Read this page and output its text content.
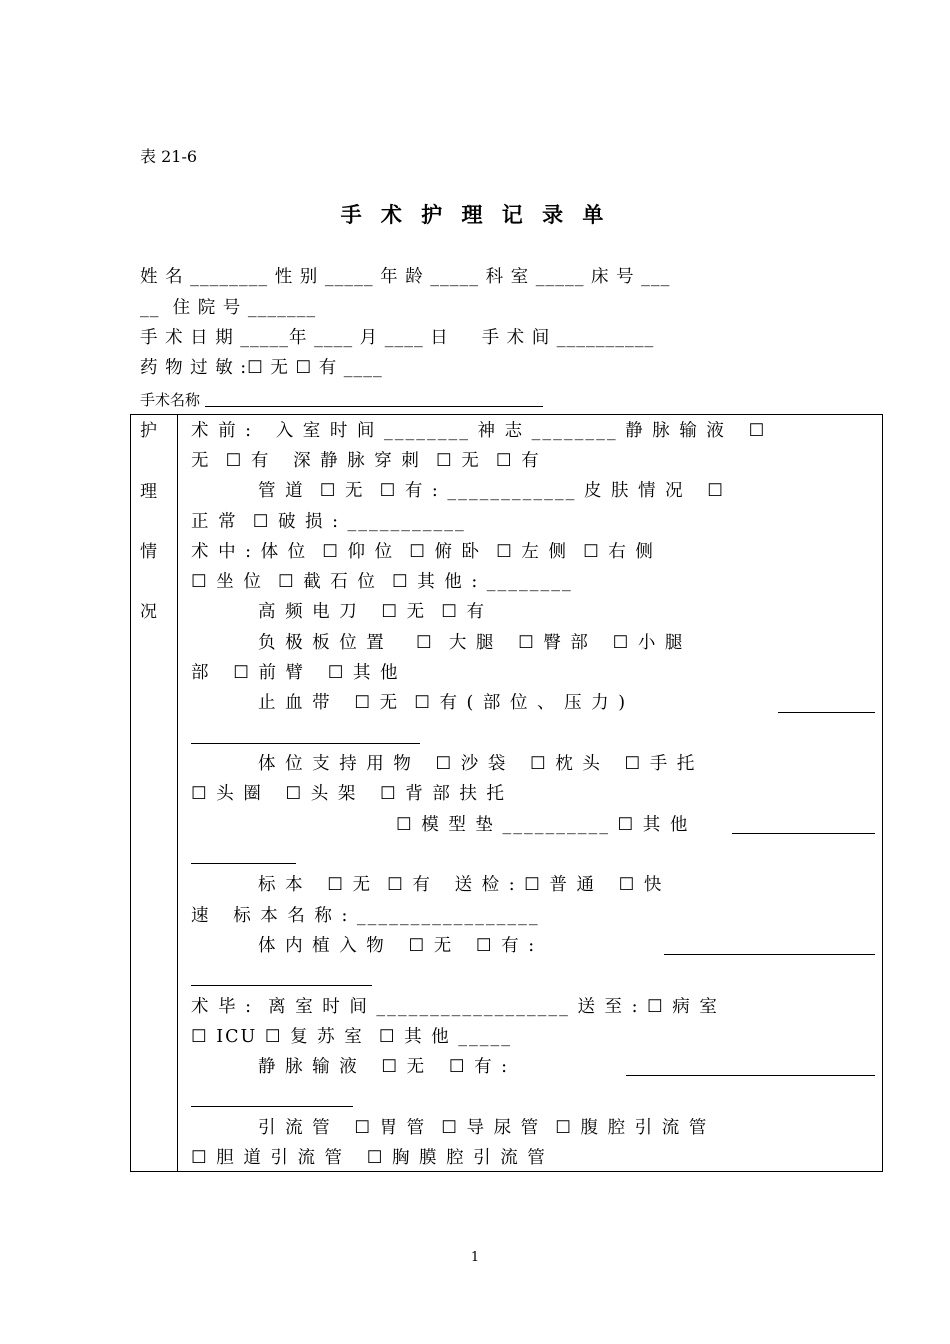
表 21-6
手 术 护 理 记 录 单
姓 名 ________ 性 别 _____ 年 龄 _____ 科 室 _____ 床 号 ___
__  住 院 号 _______
手 术 日 期 _____年 ____ 月 ____ 日     手 术 间 __________
药 物 过 敏 :☐ 无 ☐ 有 ____
手术名称
护
理
情
况
术 前 :   入 室 时 间 ________ 神 志 ________ 静 脉 输 液   ☐
无  ☐ 有   深 静 脉 穿 刺  ☐ 无  ☐ 有
管 道  ☐ 无  ☐ 有 : ____________ 皮 肤 情 况   ☐
正 常  ☐ 破 损 : ___________
术 中 : 体 位  ☐ 仰 位  ☐ 俯 卧  ☐ 左 侧  ☐ 右 侧
☐ 坐 位  ☐ 截 石 位  ☐ 其 他 : ________
高 频 电 刀   ☐ 无  ☐ 有
负 极 板 位 置    ☐  大 腿   ☐ 臀 部   ☐ 小 腿
部   ☐ 前 臂   ☐ 其 他
止 血 带   ☐ 无  ☐ 有 ( 部 位 、 压 力 )
体 位 支 持 用 物   ☐ 沙 袋   ☐ 枕 头   ☐ 手 托
☐ 头 圈   ☐ 头 架   ☐ 背 部 扶 托
☐ 模 型 垫 __________ ☐ 其 他
标 本   ☐ 无  ☐ 有   送 检 : ☐ 普 通   ☐ 快
速   标 本 名 称 : _________________
体 内 植 入 物   ☐ 无   ☐ 有 :
术 毕 :  离 室 时 间 __________________ 送 至 : ☐ 病 室
☐ ICU ☐ 复 苏 室  ☐ 其 他 _____
静 脉 输 液   ☐ 无   ☐ 有 :
引 流 管   ☐ 胃 管  ☐ 导 尿 管  ☐ 腹 腔 引 流 管
☐ 胆 道 引 流 管   ☐ 胸 膜 腔 引 流 管
1
